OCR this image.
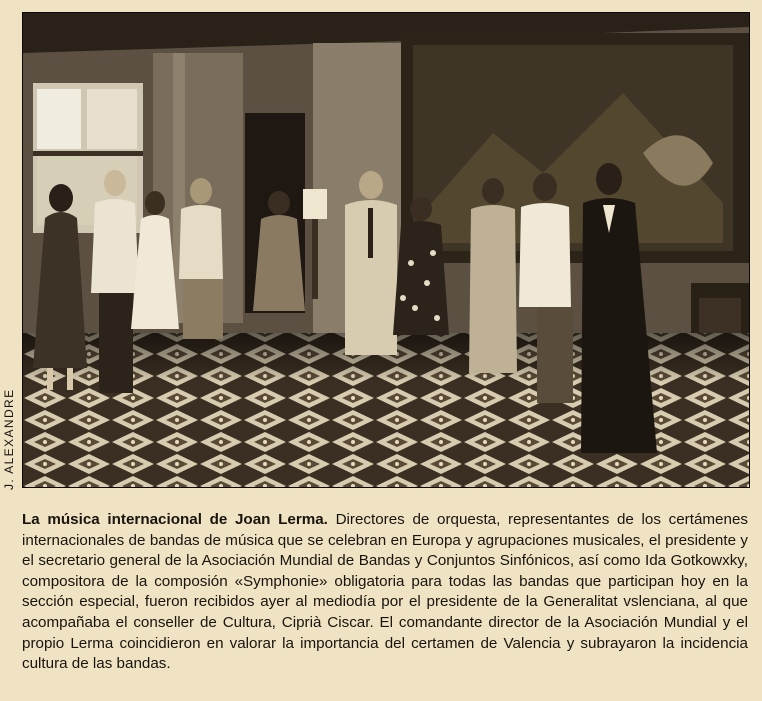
J. ALEXANDRE
La música internacional de Joan Lerma. Directores de orquesta, representantes de los certámenes internacionales de bandas de música que se celebran en Europa y agrupaciones musicales, el presidente y el secretario general de la Asociación Mundial de Bandas y Conjuntos Sinfónicos, así como Ida Gotkowxky, compositora de la composión «Symphonie» obligatoria para todas las bandas que participan hoy en la sección especial, fueron recibidos ayer al mediodía por el presidente de la Generalitat vslenciana, al que acompañaba el conseller de Cultura, Ciprià Ciscar. El comandante director de la Asociación Mundial y el propio Lerma coincidieron en valorar la importancia del certamen de Valencia y subrayaron la incidencia cultura de las bandas.
